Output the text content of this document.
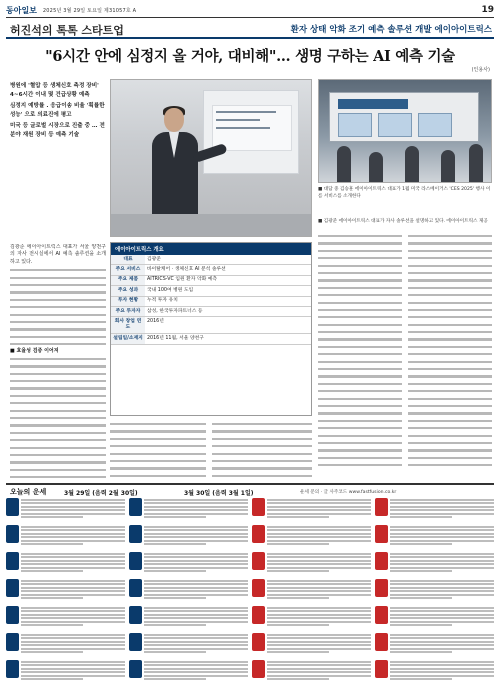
동아일보 2025년 3월 29일 토요일 제31057호 A	19
허진석의 톡톡 스타트업	환자 상태 악화 조기 예측 솔루션 개발 에이아이트릭스
"6시간 안에 심정지 올 거야, 대비해"… 생명 구하는 AI 예측 기술
(인용사)

병원에 '혈압 등 생체신호 측정 장비' 4~6시간 이내 몇 건급상황 예측

심정지 예방률 . 응급이송 비율 '획률한 성능' 으로 의료진에 평고

미국 등 글로벌 시장으로 진출 중 … 전 분야 재원 장비 등 예측 기술

■ 대담 중 김승훈 에이아이트릭스 대표가 1월 미국 라스베이거스 'CES 2025' 행사 이름 서비스를 소개한다
■ 김광준 에이아이트릭스 대표가 자사 솔루션을 설명하고 있다. 에이아이트릭스 제공
김광준 에이아이트릭스 대표가 서울 양천구의 자사 전시실에서 AI 예측 솔루션을 소개하고 있다.
■ 효율성 검증 이어져
에이아이트릭스 개요
대표	김광준
주요 서비스	바이탈케어 · 생체신호 AI 분석 솔루션
주요 제품	AITRICS-VC 입원 환자 악화 예측
주요 성과	국내 100여 병원 도입
투자 현황	누적 투자 유치
주요 투자자	삼성, 한국투자파트너스 등
회사 창업 연도	2016년
설립일/소재지	2016년 11월, 서울 양천구
오늘의 운세	3월 29일 (음력 2월 30일)	3월 30일 (음력 3월 1일)	운세 문의 · 글 사주코드 www.fastfusion.co.kr
